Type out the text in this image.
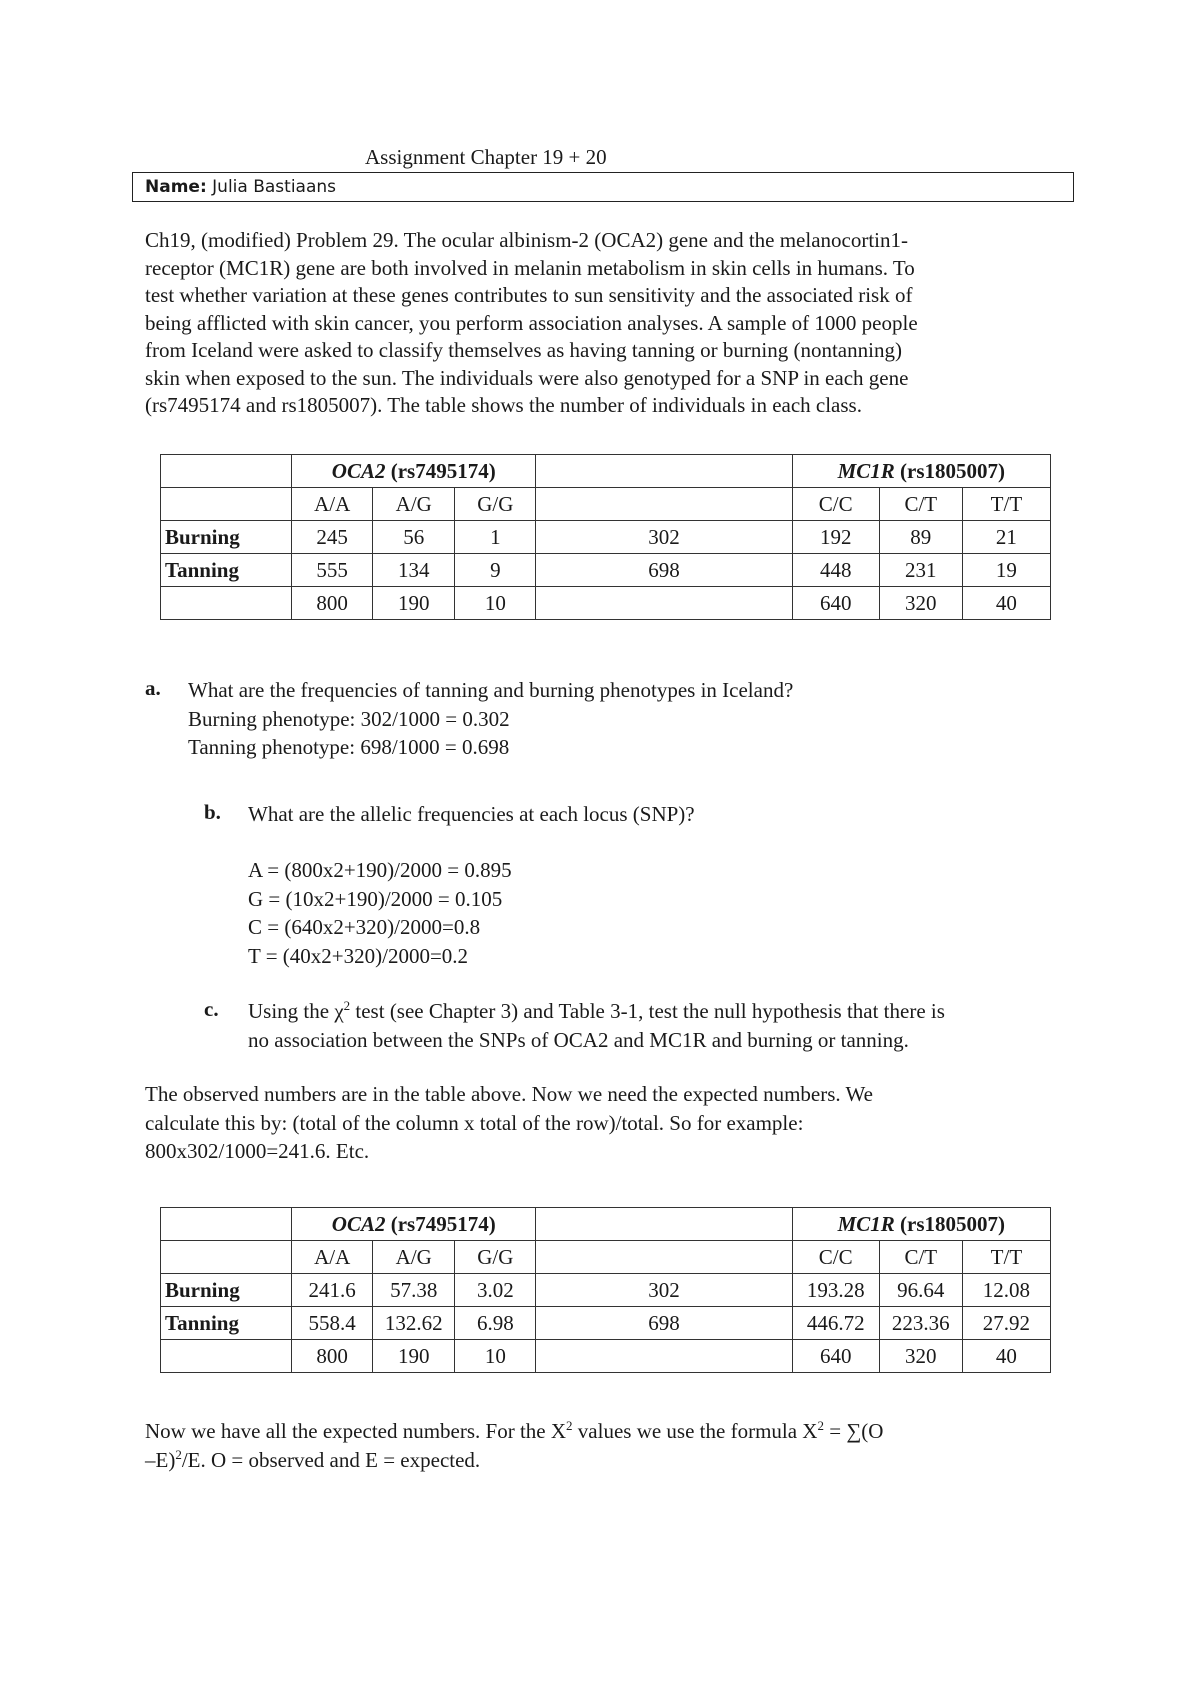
Assignment Chapter 19 + 20
Name: Julia Bastiaans
Ch19, (modified) Problem 29. The ocular albinism-2 (OCA2) gene and the melanocortin1-
receptor (MC1R) gene are both involved in melanin metabolism in skin cells in humans. To
test whether variation at these genes contributes to sun sensitivity and the associated risk of
being afflicted with skin cancer, you perform association analyses. A sample of 1000 people
from Iceland were asked to classify themselves as having tanning or burning (nontanning)
skin when exposed to the sun. The individuals were also genotyped for a SNP in each gene
(rs7495174 and rs1805007). The table shows the number of individuals in each class.
	OCA2 (rs7495174)				MC1R (rs1805007)		
	A/A	A/G	G/G		C/C	C/T	T/T
Burning	245	56	1	302	192	89	21
Tanning	555	134	9	698	448	231	19
	800	190	10		640	320	40
a. What are the frequencies of tanning and burning phenotypes in Iceland?
Burning phenotype: 302/1000 = 0.302
Tanning phenotype: 698/1000 = 0.698
b. What are the allelic frequencies at each locus (SNP)?
A = (800x2+190)/2000 = 0.895
G = (10x2+190)/2000 = 0.105
C = (640x2+320)/2000=0.8
T = (40x2+320)/2000=0.2
c. Using the $\chi^2$ test (see Chapter 3) and Table 3-1, test the null hypothesis that there is
no association between the SNPs of OCA2 and MC1R and burning or tanning.
The observed numbers are in the table above. Now we need the expected numbers. We
calculate this by: (total of the column x total of the row)/total. So for example:
800x302/1000=241.6. Etc.
	OCA2 (rs7495174)				MC1R (rs1805007)		
	A/A	A/G	G/G		C/C	C/T	T/T
Burning	241.6	57.38	3.02	302	193.28	96.64	12.08
Tanning	558.4	132.62	6.98	698	446.72	223.36	27.92
	800	190	10		640	320	40
Now we have all the expected numbers. For the $X^2$ values we use the formula $X^2 = \sum(O$
–E)$^2$/E. O = observed and E = expected.
